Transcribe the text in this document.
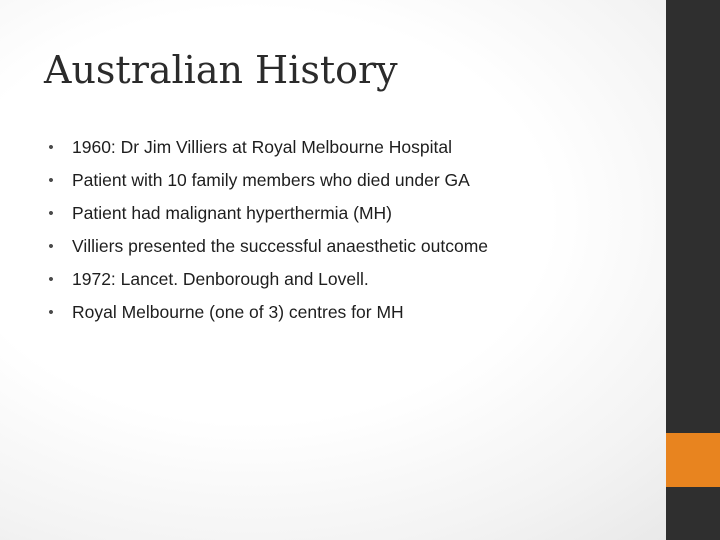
Australian History
• 1960: Dr Jim Villiers at Royal Melbourne Hospital
• Patient with 10 family members who died under GA
• Patient had malignant hyperthermia (MH)
• Villiers presented the successful anaesthetic outcome
• 1972: Lancet. Denborough and Lovell.
• Royal Melbourne (one of 3) centres for MH
